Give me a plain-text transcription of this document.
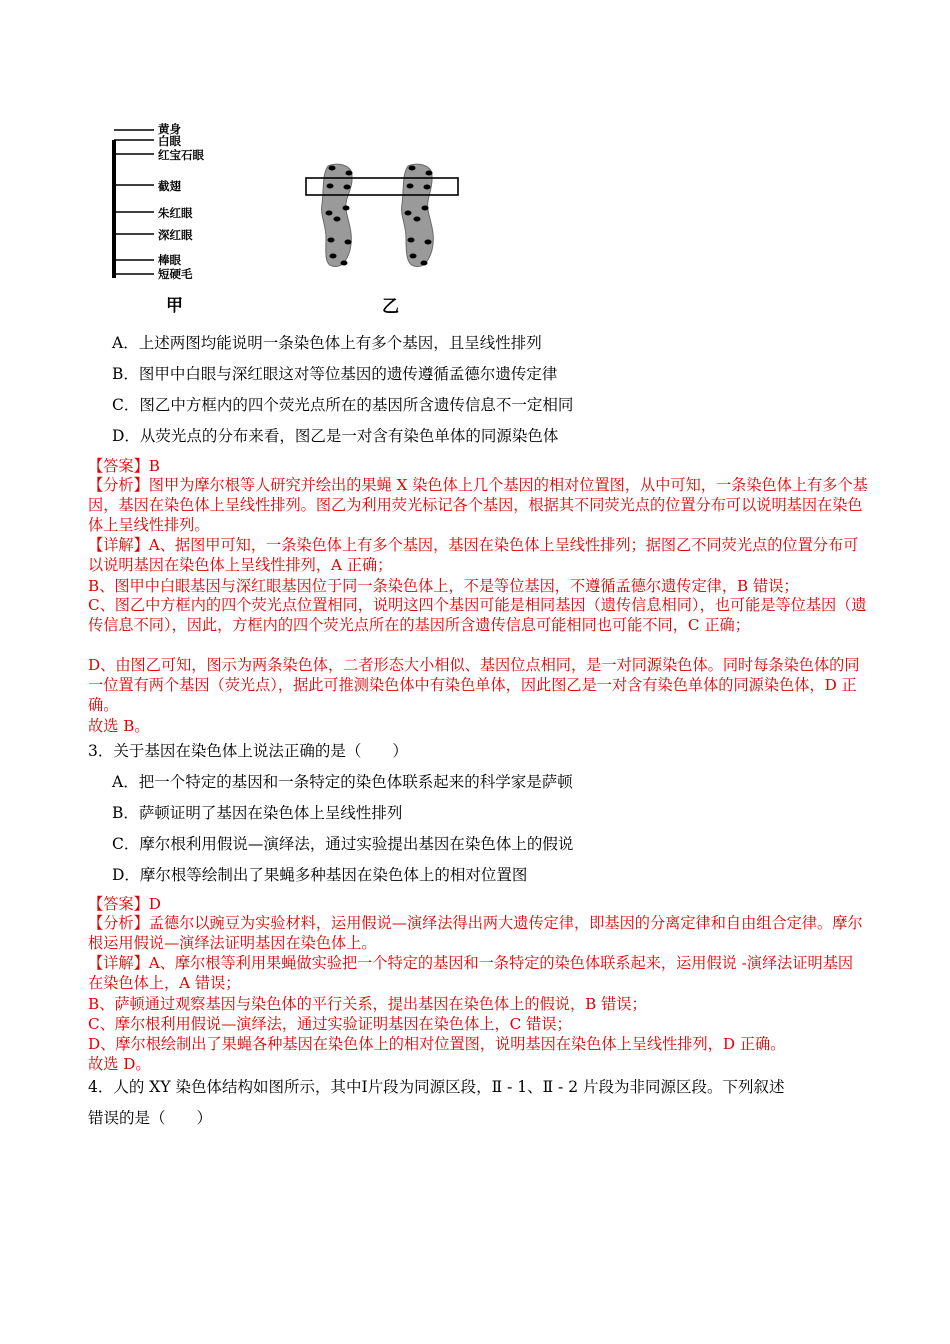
黄身
白眼
红宝石眼
截翅
朱红眼
深红眼
棒眼
短硬毛
甲	乙
A．上述两图均能说明一条染色体上有多个基因，且呈线性排列
B．图甲中白眼与深红眼这对等位基因的遗传遵循孟德尔遗传定律
C．图乙中方框内的四个荧光点所在的基因所含遗传信息不一定相同
D．从荧光点的分布来看，图乙是一对含有染色单体的同源染色体
【答案】B
【分析】图甲为摩尔根等人研究并绘出的果蝇 X 染色体上几个基因的相对位置图，从中可知，一条染色体上有多个基因，基因在染色体上呈线性排列。图乙为利用荧光标记各个基因，根据其不同荧光点的位置分布可以说明基因在染色体上呈线性排列。
【详解】A、据图甲可知，一条染色体上有多个基因，基因在染色体上呈线性排列；据图乙不同荧光点的位置分布可以说明基因在染色体上呈线性排列，A 正确；
B、图甲中白眼基因与深红眼基因位于同一条染色体上，不是等位基因，不遵循孟德尔遗传定律，B 错误；
C、图乙中方框内的四个荧光点位置相同，说明这四个基因可能是相同基因（遗传信息相同），也可能是等位基因（遗传信息不同），因此，方框内的四个荧光点所在的基因所含遗传信息可能相同也可能不同，C 正确；
D、由图乙可知，图示为两条染色体，二者形态大小相似、基因位点相同，是一对同源染色体。同时每条染色体的同一位置有两个基因（荧光点），据此可推测染色体中有染色单体，因此图乙是一对含有染色单体的同源染色体，D 正确。
故选 B。
3．关于基因在染色体上说法正确的是（　　）
A．把一个特定的基因和一条特定的染色体联系起来的科学家是萨顿
B．萨顿证明了基因在染色体上呈线性排列
C．摩尔根利用假说—演绎法，通过实验提出基因在染色体上的假说
D．摩尔根等绘制出了果蝇多种基因在染色体上的相对位置图
【答案】D
【分析】孟德尔以豌豆为实验材料，运用假说—演绎法得出两大遗传定律，即基因的分离定律和自由组合定律。摩尔根运用假说—演绎法证明基因在染色体上。
【详解】A、摩尔根等利用果蝇做实验把一个特定的基因和一条特定的染色体联系起来，运用假说 -演绎法证明基因在染色体上，A 错误；
B、萨顿通过观察基因与染色体的平行关系，提出基因在染色体上的假说，B 错误；
C、摩尔根利用假说—演绎法，通过实验证明基因在染色体上，C 错误；
D、摩尔根绘制出了果蝇各种基因在染色体上的相对位置图，说明基因在染色体上呈线性排列，D 正确。
故选 D。
4．人的 XY 染色体结构如图所示，其中Ⅰ片段为同源区段，Ⅱ - 1、Ⅱ - 2 片段为非同源区段。下列叙述
错误的是（　　）
